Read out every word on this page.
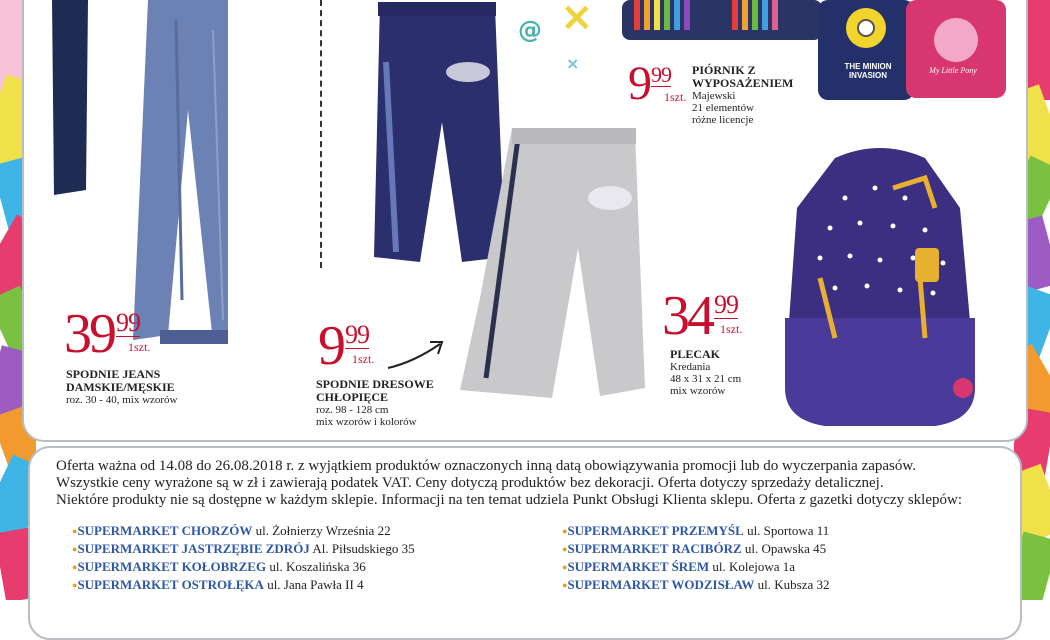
@ ×
×	THE MINION INVASION
My Little Pony
3999
1szt.
SPODNIE JEANS DAMSKIE/MĘSKIE
roz. 30 - 40, mix wzorów
999
1szt.
SPODNIE DRESOWE CHŁOPIĘCE
roz. 98 - 128 cm
mix wzorów i kolorów
999
1szt.
PIÓRNIK Z WYPOSAŻENIEM
Majewski
21 elementów
różne licencje
3499
1szt.
PLECAK
Kredania
48 x 31 x 21 cm
mix wzorów

Oferta ważna od 14.08 do 26.08.2018 r. z wyjątkiem produktów oznaczonych inną datą obowiązywania promocji lub do wyczerpania zapasów.

Wszystkie ceny wyrażone są w zł i zawierają podatek VAT. Ceny dotyczą produktów bez dekoracji. Oferta dotyczy sprzedaży detalicznej.

Niektóre produkty nie są dostępne w każdym sklepie. Informacji na ten temat udziela Punkt Obsługi Klienta sklepu. Oferta z gazetki dotyczy sklepów:

●SUPERMARKET CHORZÓW ul. Żołnierzy Września 22
●SUPERMARKET JASTRZĘBIE ZDRÓJ Al. Piłsudskiego 35
●SUPERMARKET KOŁOBRZEG ul. Koszalińska 36
●SUPERMARKET OSTROŁĘKA ul. Jana Pawła II 4
●SUPERMARKET PRZEMYŚL ul. Sportowa 11
●SUPERMARKET RACIBÓRZ ul. Opawska 45
●SUPERMARKET ŚREM ul. Kolejowa 1a
●SUPERMARKET WODZISŁAW ul. Kubsza 32
